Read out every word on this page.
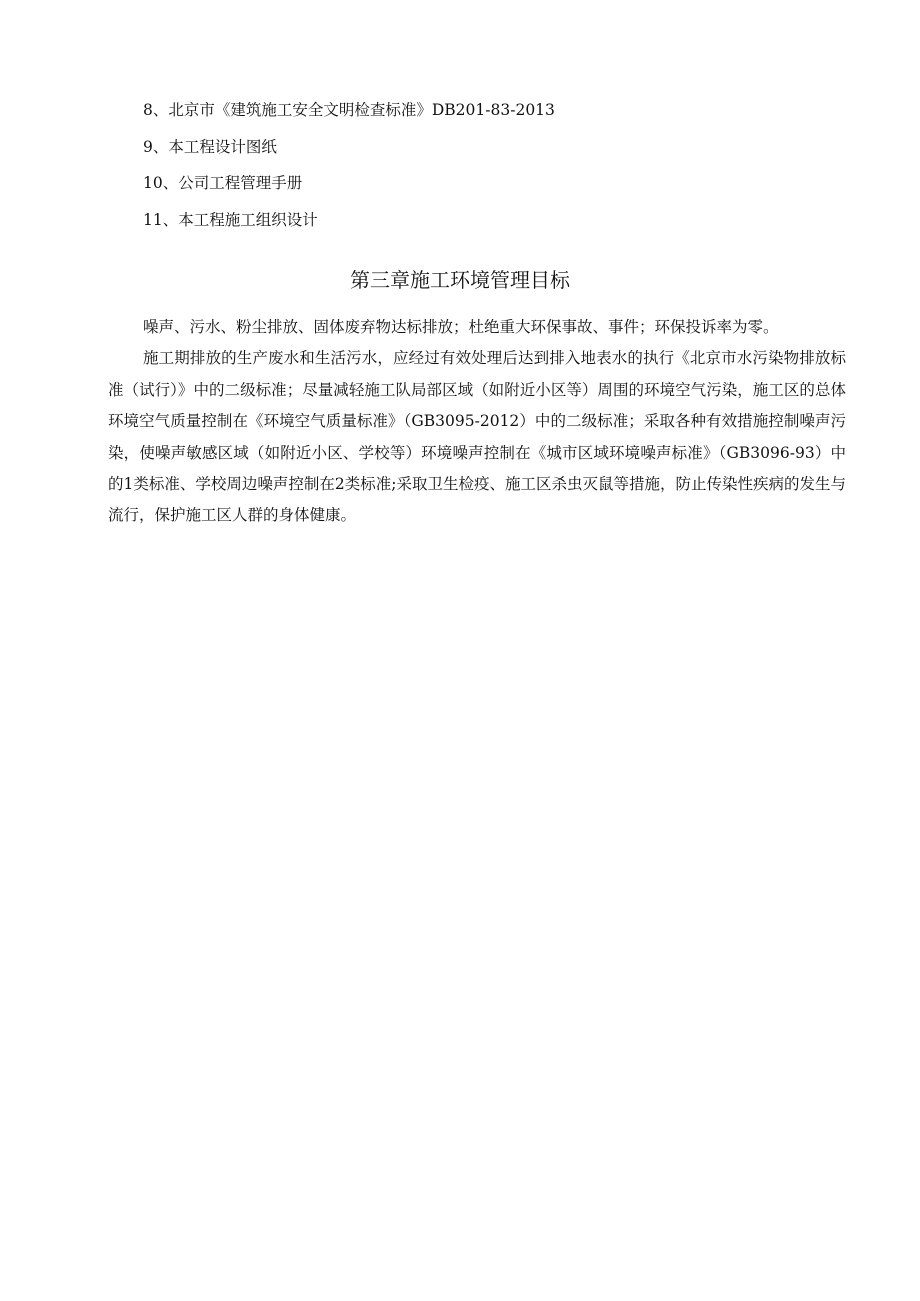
8、北京市《建筑施工安全文明检查标准》DB201-83-2013
9、本工程设计图纸
10、公司工程管理手册
11、本工程施工组织设计
第三章施工环境管理目标

噪声、污水、粉尘排放、固体废弃物达标排放；杜绝重大环保事故、事件；环保投诉率为零。

施工期排放的生产废水和生活污水，应经过有效处理后达到排入地表水的执行《北京市水污染物排放标准（试行）》中的二级标准；尽量减轻施工队局部区域（如附近小区等）周围的环境空气污染，施工区的总体环境空气质量控制在《环境空气质量标准》（GB3095-2012）中的二级标准；采取各种有效措施控制噪声污染，使噪声敏感区域（如附近小区、学校等）环境噪声控制在《城市区域环境噪声标准》（GB3096-93）中的1类标准、学校周边噪声控制在2类标准;采取卫生检疫、施工区杀虫灭鼠等措施，防止传染性疾病的发生与流行，保护施工区人群的身体健康。
